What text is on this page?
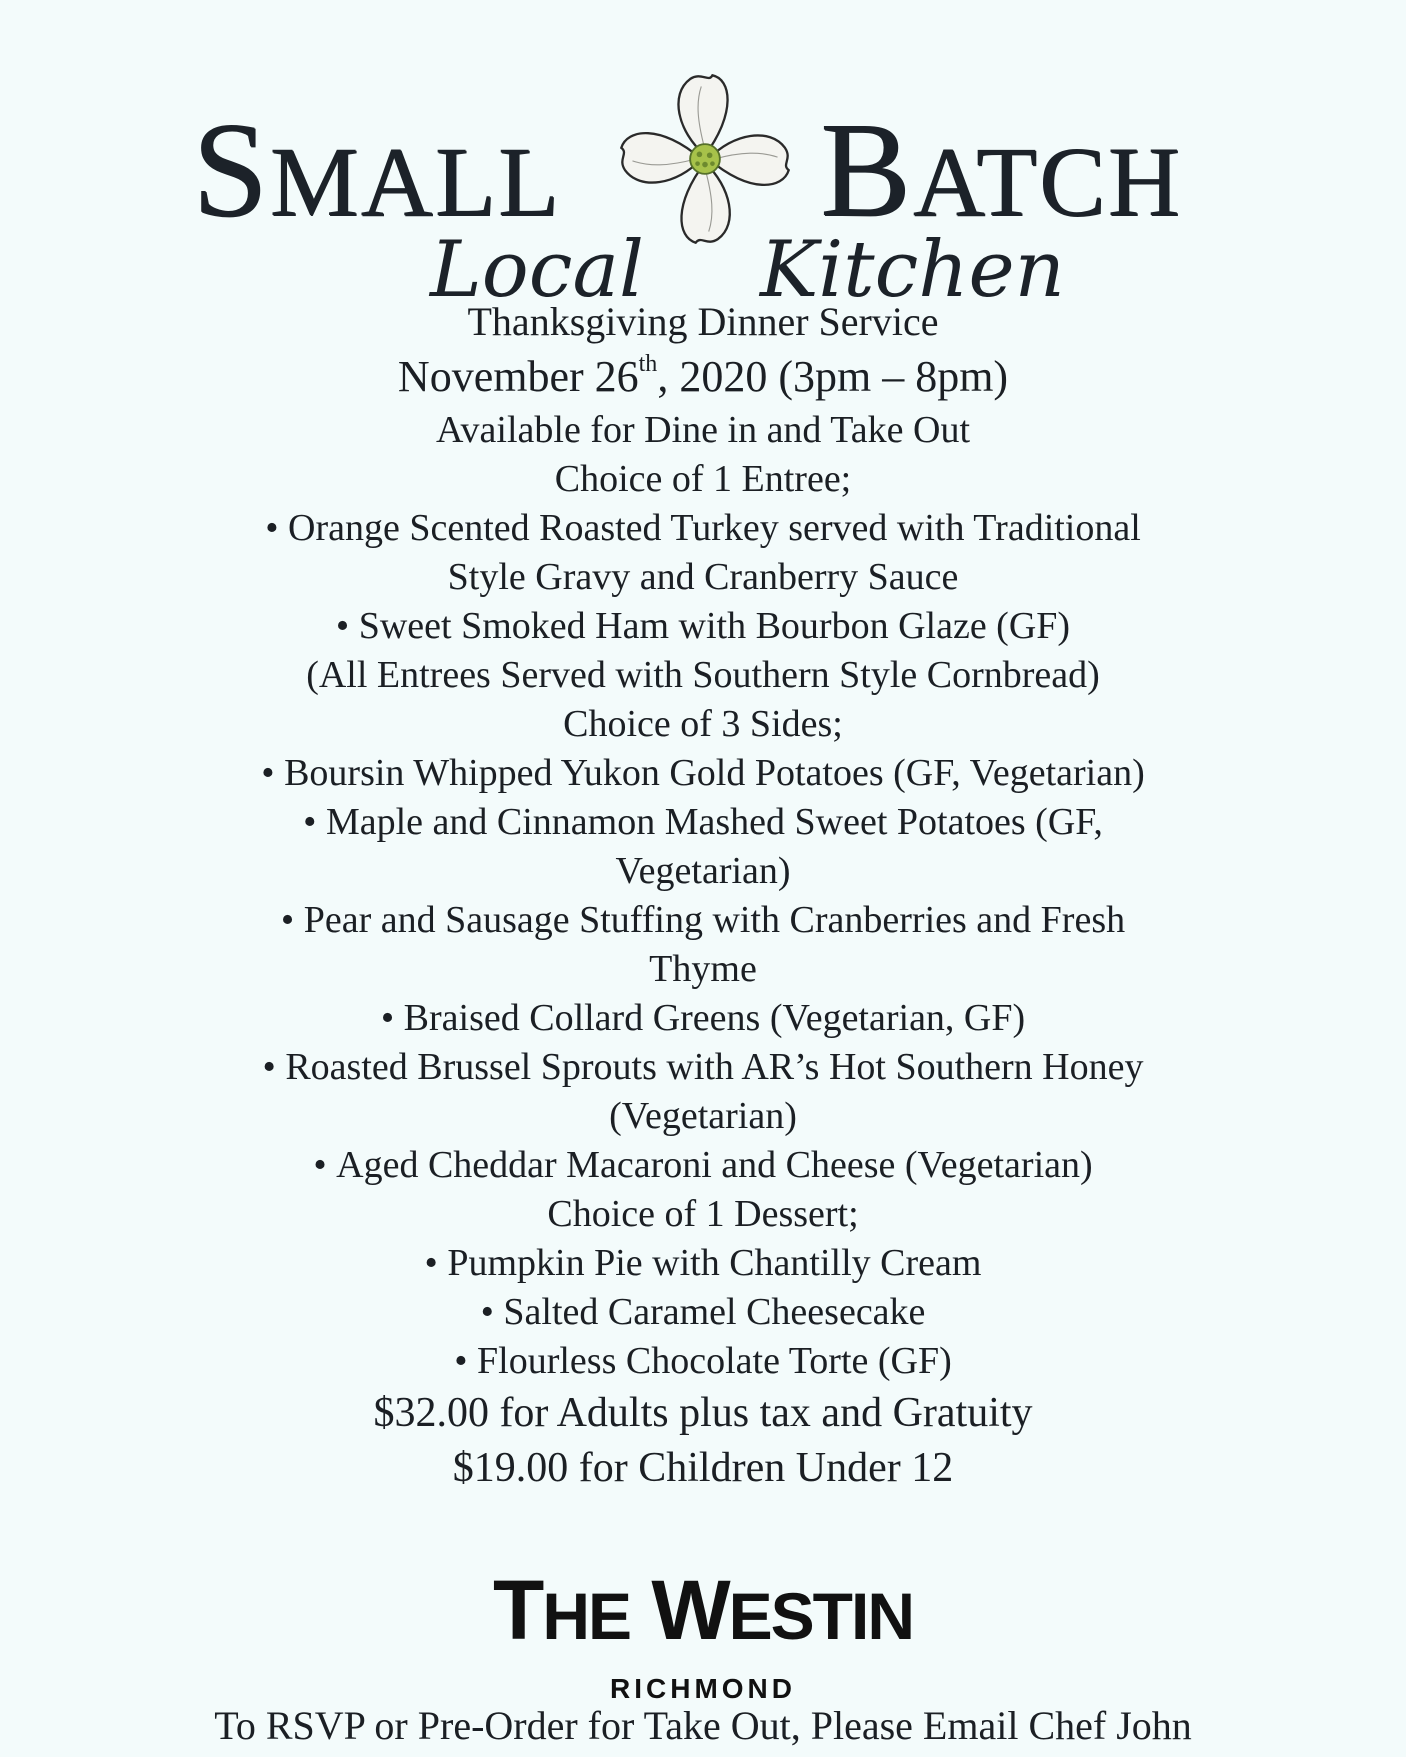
SMALL BATCH
Local Kitchen
Thanksgiving Dinner Service
November 26th, 2020 (3pm – 8pm)
Available for Dine in and Take Out
Choice of 1 Entree;
• Orange Scented Roasted Turkey served with Traditional
Style Gravy and Cranberry Sauce
• Sweet Smoked Ham with Bourbon Glaze (GF)
(All Entrees Served with Southern Style Cornbread)
Choice of 3 Sides;
• Boursin Whipped Yukon Gold Potatoes (GF, Vegetarian)
• Maple and Cinnamon Mashed Sweet Potatoes (GF,
Vegetarian)
• Pear and Sausage Stuffing with Cranberries and Fresh
Thyme
• Braised Collard Greens (Vegetarian, GF)
• Roasted Brussel Sprouts with AR’s Hot Southern Honey
(Vegetarian)
• Aged Cheddar Macaroni and Cheese (Vegetarian)
Choice of 1 Dessert;
• Pumpkin Pie with Chantilly Cream
• Salted Caramel Cheesecake
• Flourless Chocolate Torte (GF)
$32.00 for Adults plus tax and Gratuity
$19.00 for Children Under 12
THE WESTIN
RICHMOND
To RSVP or Pre-Order for Take Out, Please Email Chef John
